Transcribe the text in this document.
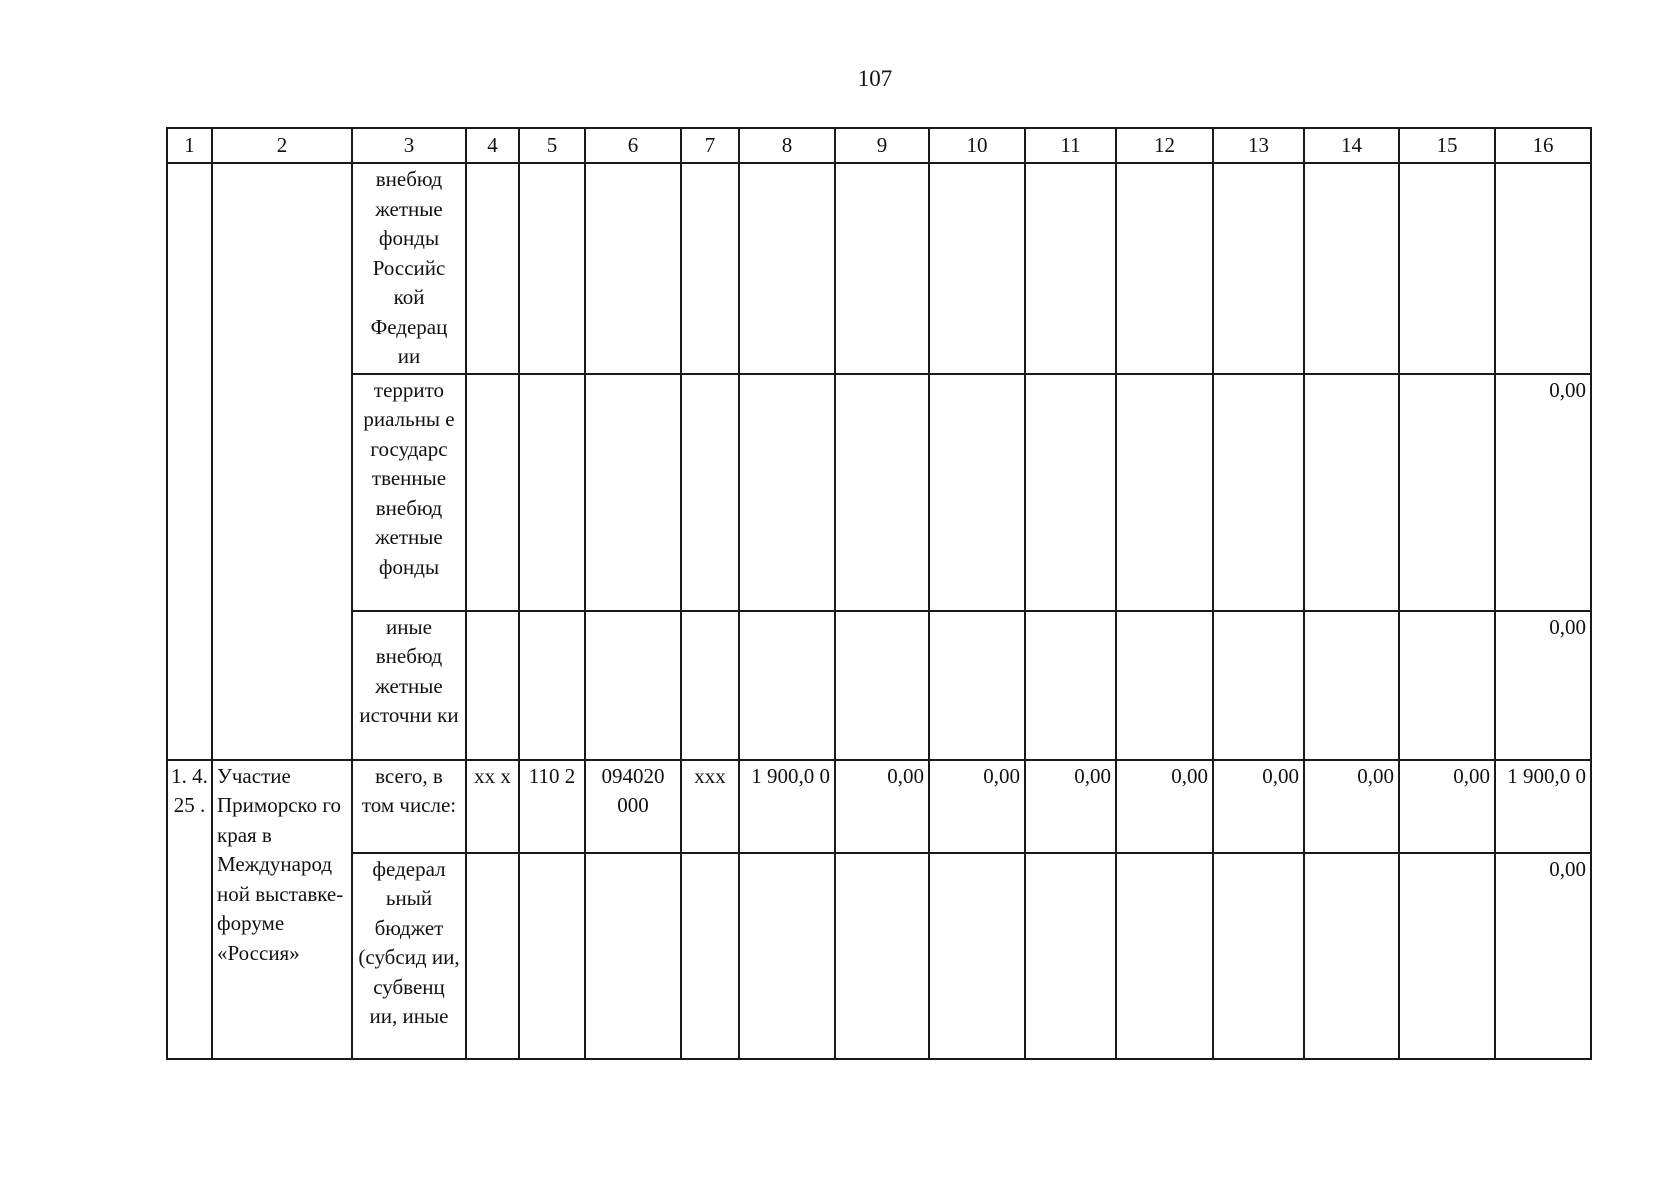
107
1	2	3	4	5	6	7	8	9	10	11	12	13	14	15	16
		внебюд жетные фонды Российс кой Федерац ии													
		террито риальны е государс твенные внебюд жетные фонды													0,00
		иные внебюд жетные источни ки													0,00
1. 4. 25 .	Участие Приморско го края в Международ ной выставке-форуме «Россия»	всего, в том числе:	xx x	110 2	094020 000	xxx	1 900,0 0	0,00	0,00	0,00	0,00	0,00	0,00	0,00	1 900,0 0
		федерал ьный бюджет (субсид ии, субвенц ии, иные													0,00
